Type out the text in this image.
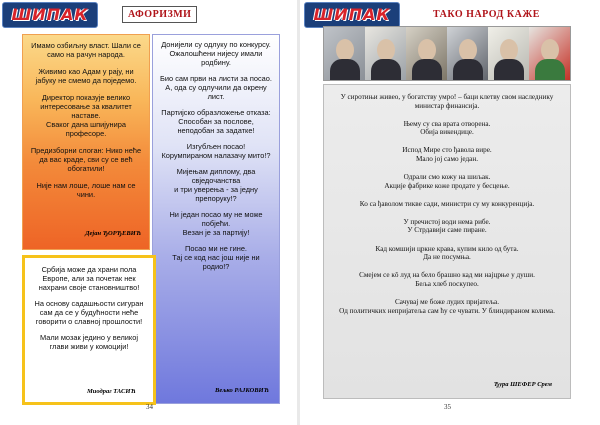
ШИПАК	АФОРИЗМИ

Имамо озбиљну власт. Шали се само на рачун народа.

Живимо као Адам у рају, ни јабуку не смемо да поједемо.

Директор показује велико интересовање за квалитет наставе.
Сваког дана шпијунира професоре.

Предизборни слоган: Нико неће да вас краде, сви су се већ обогатили!

Није нам лоше, лоше нам се чини.

Дејан ЂОРЂЕВИЋ

Донијели су одлуку по конкурсу.
Ожалошћени нијесу имали родбину.

Био сам први на листи за посао.
А, ода су одлучили да окрену лист.

Партијско образложење отказа:
Способан за послове, неподобан за задатке!

Изгубљен посао!
Корумпираном налазачу мито!?

Мијењам диплому, два свједочанства
и три уверења - за једну препоруку!?

Ни један посао му не може побјећи.
Везан је за партију!

Посао ми не гине.
Тај се код нас још није ни родио!?

Вељко РАЈКОВИЋ

Србија може да храни пола Европе, али за почетак нек нахрани своје становништво!

На основу садашњости сигуран сам да се у будућности неће говорити о славној прошлости!

Мали мозак једино у великој глави живи у комоцији!

Миодраг ТАСИЋ
34
ШИПАК	ТАКО НАРОД КАЖЕ

У сиротињи живео, у богатству умро! – баци клетву свом наследнику министар финансија.

Њему су сва врата отворена.
Обија викендице.

Испод Мире сто ђавола вире.
Мало јој само један.

Одрали смо кожу на шиљак.
Акције фабрике коже продате у бесцење.

Ко са ђаволом тикве сади, министри су му конкуренција.

У пречистој води нема рибе.
У Стрдавији саме пиране.

Кад комшији цркне крава, купим кило од бута.
Да не посумња.

Смејем се кô луд на бело брашно кад ми најцрње у души.
Беља хлеб поскупео.

Сачувај ме боже лудих пријатеља.
Од политичких непријатеља сам ћу се чувати. У блиндираном колима.

Ђура ШЕФЕР Срем
35
